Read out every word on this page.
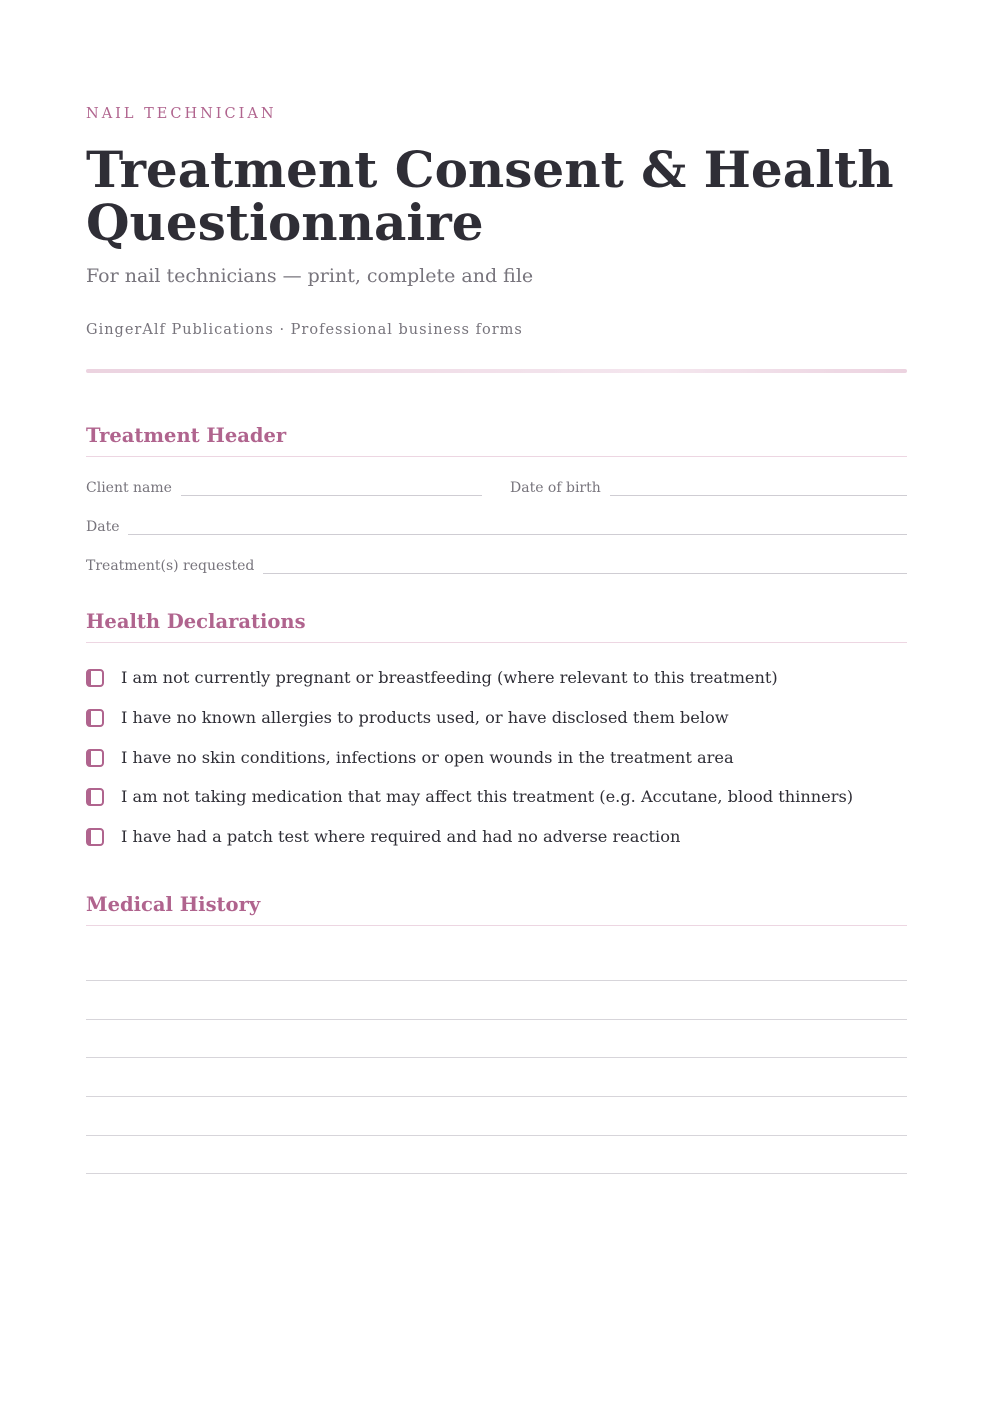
NAIL TECHNICIAN
Treatment Consent & Health Questionnaire
For nail technicians — print, complete and file
GingerAlf Publications · Professional business forms
Treatment Header
Client name	Date of birth
Date
Treatment(s) requested
Health Declarations
I am not currently pregnant or breastfeeding (where relevant to this treatment)
I have no known allergies to products used, or have disclosed them below
I have no skin conditions, infections or open wounds in the treatment area
I am not taking medication that may affect this treatment (e.g. Accutane, blood thinners)
I have had a patch test where required and had no adverse reaction
Medical History
